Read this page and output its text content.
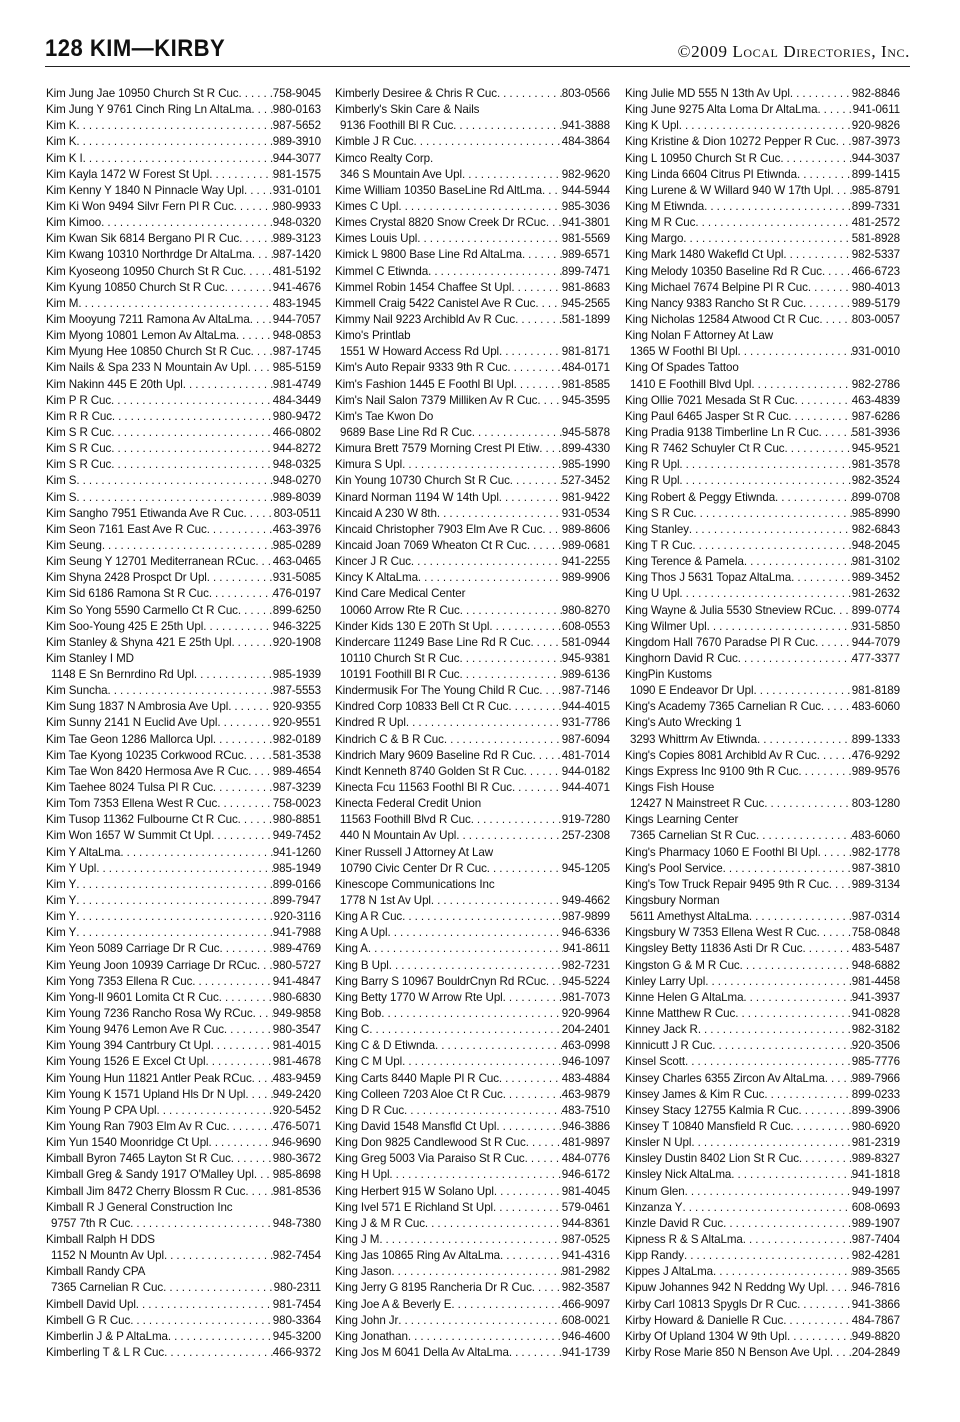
128 KIM—KIRBY	©2009 Local Directories, Inc.
Kim Jung Jae 10950 Church St R Cuc . . .	758-9045
Kim Jung Y 9761 Cinch Ring Ln AltaLma . . . 980-0163
Kim K . . .	987-5652
Kim K . . .	989-3910
Kim K I . . .	944-3077
Kim Kayla 1472 W Forest St Upl . . .	981-1575
Kim Kenny Y 1840 N Pinnacle Way Upl . . . 931-0101
Kim Ki Won 9494 Silvr Fern Pl R Cuc . . .	980-9933
Kim Kimoo . . .	948-0320
Kim Kwan Sik 6814 Bergano Pl R Cuc . . .	989-3123
Kim Kwang 10310 Northrdge Dr AltaLma . . . 987-1420
Kim Kyoseong 10950 Church St R Cuc . . .	481-5192
Kim Kyung 10850 Church St R Cuc . . .	941-4676
Kim M . . .	483-1945
Kim Mooyung 7211 Ramona Av AltaLma . . . 944-7057
Kim Myong 10801 Lemon Av AltaLma . . .	948-0853
Kim Myung Hee 10850 Church St R Cuc . . . 987-1745
Kim Nails & Spa 233 N Mountain Av Upl . . . 985-5159
Kim Nakinn 445 E 20th Upl . . .	981-4749
Kim P R Cuc . . .	484-3449
Kim R R Cuc . . .	980-9472
Kim S R Cuc . . .	466-0802
Kim S R Cuc . . .	944-8272
Kim S R Cuc . . .	948-0325
Kim S . . .	948-0270
Kim S . . .	989-8039
Kim Sangho 7951 Etiwanda Ave R Cuc . . .	803-0511
Kim Seon 7161 East Ave R Cuc . . .	463-3976
Kim Seung . . .	985-0289
Kim Seung Y 12701 Mediterranean RCuc . . . 463-0465
Kim Shyna 2428 Prospct Dr Upl . . .	931-5085
Kim Sid 6186 Ramona St R Cuc . . .	476-0197
Kim So Yong 5590 Carmello Ct R Cuc . . .	899-6250
Kim Soo-Young 425 E 25th Upl . . .	946-3225
Kim Stanley & Shyna 421 E 25th Upl . . .	920-1908
Kim Stanley I MD
1148 E Sn Bernrdino Rd Upl . . .	985-1939
Kim Suncha . . .	987-5553
Kim Sung 1837 N Ambrosia Ave Upl . . .	920-9355
Kim Sunny 2141 N Euclid Ave Upl . . .	920-9551
Kim Tae Geon 1286 Mallorca Upl . . .	982-0189
Kim Tae Kyong 10235 Corkwood RCuc . . .	581-3538
Kim Tae Won 8420 Hermosa Ave R Cuc . . . 989-4654
Kim Taehee 8024 Tulsa Pl R Cuc . . .	987-3239
Kim Tom 7353 Ellena West R Cuc . . .	758-0023
Kim Tusop 11362 Fulbourne Ct R Cuc . . .	980-8851
Kim Won 1657 W Summit Ct Upl . . .	949-7452
Kim Y AltaLma . . .	941-1260
Kim Y Upl . . .	985-1949
Kim Y . . .	899-0166
Kim Y . . .	899-7947
Kim Y . . .	920-3116
Kim Y . . .	941-7988
Kim Yeon 5089 Carriage Dr R Cuc . . .	989-4769
Kim Yeung Joon 10939 Carriage Dr RCuc . . . 980-5727
Kim Yong 7353 Ellena R Cuc . . .	941-4847
Kim Yong-Il 9601 Lomita Ct R Cuc . . .	980-6830
Kim Young 7236 Rancho Rosa Wy RCuc . . . 949-9858
Kim Young 9476 Lemon Ave R Cuc . . .	980-3547
Kim Young 394 Cantrbury Ct Upl . . .	981-4015
Kim Young 1526 E Excel Ct Upl . . .	981-4678
Kim Young Hun 11821 Antler Peak RCuc . . . 483-9459
Kim Young K 1571 Upland Hls Dr N Upl . . . 949-2420
Kim Young P CPA Upl . . .	920-5452
Kim Young Ran 7903 Elm Av R Cuc . . .	476-5071
Kim Yun 1540 Moonridge Ct Upl . . .	946-9690
Kimball Byron 7465 Layton St R Cuc . . .	980-3672
Kimball Greg & Sandy 1917 O'Malley Upl . . . 985-8698
Kimball Jim 8472 Cherry Blossm R Cuc . . . 981-8536
Kimball R J General Construction Inc
9757 7th R Cuc . . .	948-7380
Kimball Ralph H DDS
1152 N Mountn Av Upl . . .	982-7454
Kimball Randy CPA
7365 Carnelian R Cuc . . .	980-2311
Kimbell David Upl . . .	981-7454
Kimbell G R Cuc . . .	980-3364
Kimberlin J & P AltaLma . . .	945-3200
Kimberling T & L R Cuc . . .	466-9372
Kimberly Desiree & Chris R Cuc . . .	803-0566
Kimberly's Skin Care & Nails
9136 Foothill Bl R Cuc . . .	941-3888
Kimble J R Cuc . . .	484-3864
Kimco Realty Corp.
346 S Mountain Ave Upl . . .	982-9620
Kime William 10350 BaseLine Rd AltLma . . . 944-5944
Kimes C Upl . . .	985-3036
Kimes Crystal 8820 Snow Creek Dr RCuc . . . 941-3801
Kimes Louis Upl . . .	981-5569
Kimick L 9800 Base Line Rd AltaLma . . .	989-6571
Kimmel C Etiwnda . . .	899-7471
Kimmel Robin 1454 Chaffee St Upl . . .	981-8683
Kimmell Craig 5422 Canistel Ave R Cuc . . . 945-2565
Kimmy Nail 9223 Archibld Av R Cuc . . .	581-1899
Kimo's Printlab
1551 W Howard Access Rd Upl . . .	981-8171
Kim's Auto Repair 9333 9th R Cuc . . .	484-0171
Kim's Fashion 1445 E Foothl Bl Upl . . .	981-8585
Kim's Nail Salon 7379 Milliken Av R Cuc . . . 945-3595
Kim's Tae Kwon Do
9689 Base Line Rd R Cuc . . .	945-5878
Kimura Brett 7579 Morning Crest Pl Etiw . . . 899-4330
Kimura S Upl . . .	985-1990
Kin Young 10730 Church St R Cuc . . .	527-3452
Kinard Norman 1194 W 14th Upl . . .	981-9422
Kincaid A 230 W 8th . . .	931-0534
Kincaid Christopher 7903 Elm Ave R Cuc . . . 989-8606
Kincaid Joan 7069 Wheaton Ct R Cuc . . .	989-0681
Kincer J R Cuc . . .	941-2255
Kincy K AltaLma . . .	989-9906
Kind Care Medical Center
10060 Arrow Rte R Cuc . . .	980-8270
Kinder Kids 130 E 20Th St Upl . . .	608-0553
Kindercare 11249 Base Line Rd R Cuc . . .	581-0944
10110 Church St R Cuc . . .	945-9381
10191 Foothill Bl R Cuc . . .	989-6136
Kindermusik For The Young Child R Cuc . . . 987-7146
Kindred Corp 10833 Bell Ct R Cuc . . .	944-4015
Kindred R Upl . . .	931-7786
Kindrich C & B R Cuc . . .	987-6094
Kindrich Mary 9609 Baseline Rd R Cuc . . .	481-7014
Kindt Kenneth 8740 Golden St R Cuc . . .	944-0182
Kinecta Fcu 11563 Foothl Bl R Cuc . . .	944-4071
Kinecta Federal Credit Union
11563 Foothill Blvd R Cuc . . .	919-7280
440 N Mountain Av Upl . . .	257-2308
Kiner Russell J Attorney At Law
10790 Civic Center Dr R Cuc . . .	945-1205
Kinescope Communications Inc
1778 N 1st Av Upl . . .	949-4662
King A R Cuc . . .	987-9899
King A Upl . . .	946-6336
King A . . .	941-8611
King B Upl . . .	982-7231
King Barry S 10967 BouldrCnyn Rd RCuc . . . 945-5224
King Betty 1770 W Arrow Rte Upl . . .	981-7073
King Bob . . .	920-9964
King C . . .	204-2401
King C & D Etiwnda . . .	463-0998
King C M Upl . . .	946-1097
King Carts 8440 Maple Pl R Cuc . . .	483-4884
King Colleen 7203 Aloe Ct R Cuc . . .	463-9879
King D R Cuc . . .	483-7510
King David 1548 Mansfld Ct Upl . . .	946-3886
King Don 9825 Candlewood St R Cuc . . .	481-9897
King Greg 5003 Via Paraiso St R Cuc . . .	484-0776
King H Upl . . .	946-6172
King Herbert 915 W Solano Upl . . .	981-4045
King Ivel 571 E Richland St Upl . . .	579-0461
King J & M R Cuc . . .	944-8361
King J M . . .	987-0525
King Jas 10865 Ring Av AltaLma . . .	941-4316
King Jason . . .	981-2982
King Jerry G 8195 Rancheria Dr R Cuc . . .	982-3587
King Joe A & Beverly E . . .	466-9097
King John Jr . . .	608-0021
King Jonathan . . .	946-4600
King Jos M 6041 Della Av AltaLma . . .	941-1739
King Julie MD 555 N 13th Av Upl . . .	982-8846
King June 9275 Alta Loma Dr AltaLma . . .	941-0611
King K Upl . . .	920-9826
King Kristine & Dion 10272 Pepper R Cuc . . . 987-3973
King L 10950 Church St R Cuc . . .	944-3037
King Linda 6604 Citrus Pl Etiwnda . . .	899-1415
King Lurene & W Willard 940 W 17th Upl . . . 985-8791
King M Etiwnda . . .	899-7331
King M R Cuc . . .	481-2572
King Margo . . .	581-8928
King Mark 1480 Wakefld Ct Upl . . .	982-5337
King Melody 10350 Baseline Rd R Cuc . . .	466-6723
King Michael 7674 Belpine Pl R Cuc . . .	980-4013
King Nancy 9383 Rancho St R Cuc . . .	989-5179
King Nicholas 12584 Atwood Ct R Cuc . . .	803-0057
King Nolan F Attorney At Law
1365 W Foothl Bl Upl . . .	931-0010
King Of Spades Tattoo
1410 E Foothill Blvd Upl . . .	982-2786
King Ollie 7021 Mesada St R Cuc . . .	463-4839
King Paul 6465 Jasper St R Cuc . . .	987-6286
King Pradia 9138 Timberline Ln R Cuc . . .	581-3936
King R 7462 Schuyler Ct R Cuc . . .	945-9521
King R Upl . . .	981-3578
King R Upl . . .	982-3524
King Robert & Peggy Etiwnda . . .	899-0708
King S R Cuc . . .	985-8990
King Stanley . . .	982-6843
King T R Cuc . . .	948-2045
King Terence & Pamela . . .	981-3102
King Thos J 5631 Topaz AltaLma . . .	989-3452
King U Upl . . .	981-2632
King Wayne & Julia 5530 Stneview RCuc . . . 899-0774
King Wilmer Upl . . .	931-5850
Kingdom Hall 7670 Paradse Pl R Cuc . . .	944-7079
Kinghorn David R Cuc . . .	477-3377
KingPin Kustoms
1090 E Endeavor Dr Upl . . .	981-8189
King's Academy 7365 Carnelian R Cuc . . .	483-6060
King's Auto Wrecking 1
3293 Whittrm Av Etiwnda . . .	899-1333
King's Copies 8081 Archibld Av R Cuc . . .	476-9292
Kings Express Inc 9100 9th R Cuc . . .	989-9576
Kings Fish House
12427 N Mainstreet R Cuc . . .	803-1280
Kings Learning Center
7365 Carnelian St R Cuc . . .	483-6060
King's Pharmacy 1060 E Foothl Bl Upl . . .	982-1778
King's Pool Service . . .	987-3810
King's Tow Truck Repair 9495 9th R Cuc . . . 989-3134
Kingsbury Norman
5611 Amethyst AltaLma . . .	987-0314
Kingsbury W 7353 Ellena West R Cuc . . .	758-0848
Kingsley Betty 11836 Asti Dr R Cuc . . .	483-5487
Kingston G & M R Cuc . . .	948-6882
Kinley Larry Upl . . .	981-4458
Kinne Helen G AltaLma . . .	941-3937
Kinne Matthew R Cuc . . .	941-0828
Kinney Jack R . . .	982-3182
Kinnicutt J R Cuc . . .	920-3506
Kinsel Scott . . .	985-7776
Kinsey Charles 6355 Zircon Av AltaLma . . . 989-7966
Kinsey James & Kim R Cuc . . .	899-0233
Kinsey Stacy 12755 Kalmia R Cuc . . .	899-3906
Kinsey T 10840 Mansfield R Cuc . . .	980-6920
Kinsler N Upl . . .	981-2319
Kinsley Dustin 8402 Lion St R Cuc . . .	989-8327
Kinsley Nick AltaLma . . .	941-1818
Kinum Glen . . .	949-1997
Kinzanza Y . . .	608-0693
Kinzle David R Cuc . . .	989-1907
Kipness R & S AltaLma . . .	987-7404
Kipp Randy . . .	982-4281
Kippes J AltaLma . . .	989-3565
Kipuw Johannes 942 N Reddng Wy Upl . . . 946-7816
Kirby Carl 10813 Spygls Dr R Cuc . . .	941-3866
Kirby Howard & Danielle R Cuc . . .	484-7867
Kirby Of Upland 1304 W 9th Upl . . .	949-8820
Kirby Rose Marie 850 N Benson Ave Upl . . . 204-2849
